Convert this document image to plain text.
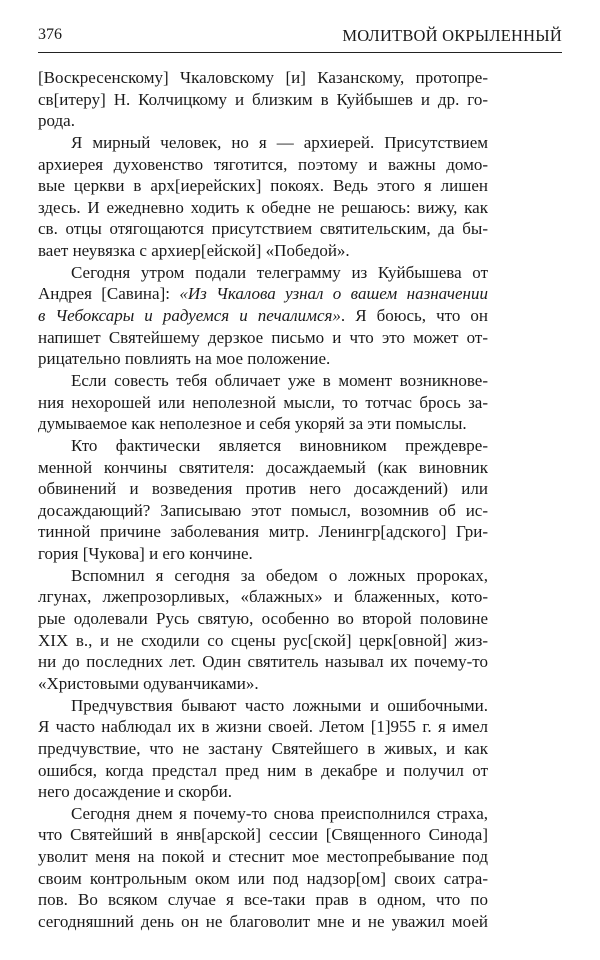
376	МОЛИТВОЙ ОКРЫЛЕННЫЙ
[Воскресенскому] Чкаловскому [и] Казанскому, протопре-
св[итеру] Н. Колчицкому и близким в Куйбышев и др. го-
рода.
Я мирный человек, но я — архиерей. Присутствием
архиерея духовенство тяготится, поэтому и важны домо-
вые церкви в арх[иерейских] покоях. Ведь этого я лишен
здесь. И ежедневно ходить к обедне не решаюсь: вижу, как
св. отцы отягощаются присутствием святительским, да бы-
вает неувязка с архиер[ейской] «Победой».
Сегодня утром подали телеграмму из Куйбышева от
Андрея [Савина]: «Из Чкалова узнал о вашем назначении
в Чебоксары и радуемся и печалимся». Я боюсь, что он
напишет Святейшему дерзкое письмо и что это может от-
рицательно повлиять на мое положение.
Если совесть тебя обличает уже в момент возникнове-
ния нехорошей или неполезной мысли, то тотчас брось за-
думываемое как неполезное и себя укоряй за эти помыслы.
Кто фактически является виновником преждевре-
менной кончины святителя: досаждаемый (как виновник
обвинений и возведения против него досаждений) или
досаждающий? Записываю этот помысл, возомнив об ис-
тинной причине заболевания митр. Ленингр[адского] Гри-
гория [Чукова] и его кончине.
Вспомнил я сегодня за обедом о ложных пророках,
лгунах, лжепрозорливых, «блажных» и блаженных, кото-
рые одолевали Русь святую, особенно во второй половине
XIX в., и не сходили со сцены рус[ской] церк[овной] жиз-
ни до последних лет. Один святитель называл их почему-то
«Христовыми одуванчиками».
Предчувствия бывают часто ложными и ошибочными.
Я часто наблюдал их в жизни своей. Летом [1]955 г. я имел
предчувствие, что не застану Святейшего в живых, и как
ошибся, когда предстал пред ним в декабре и получил от
него досаждение и скорби.
Сегодня днем я почему-то снова преисполнился страха,
что Святейший в янв[арской] сессии [Священного Синода]
уволит меня на покой и стеснит мое местопребывание под
своим контрольным оком или под надзор[ом] своих сатра-
пов. Во всяком случае я все-таки прав в одном, что по
сегодняшний день он не благоволит мне и не уважил моей
